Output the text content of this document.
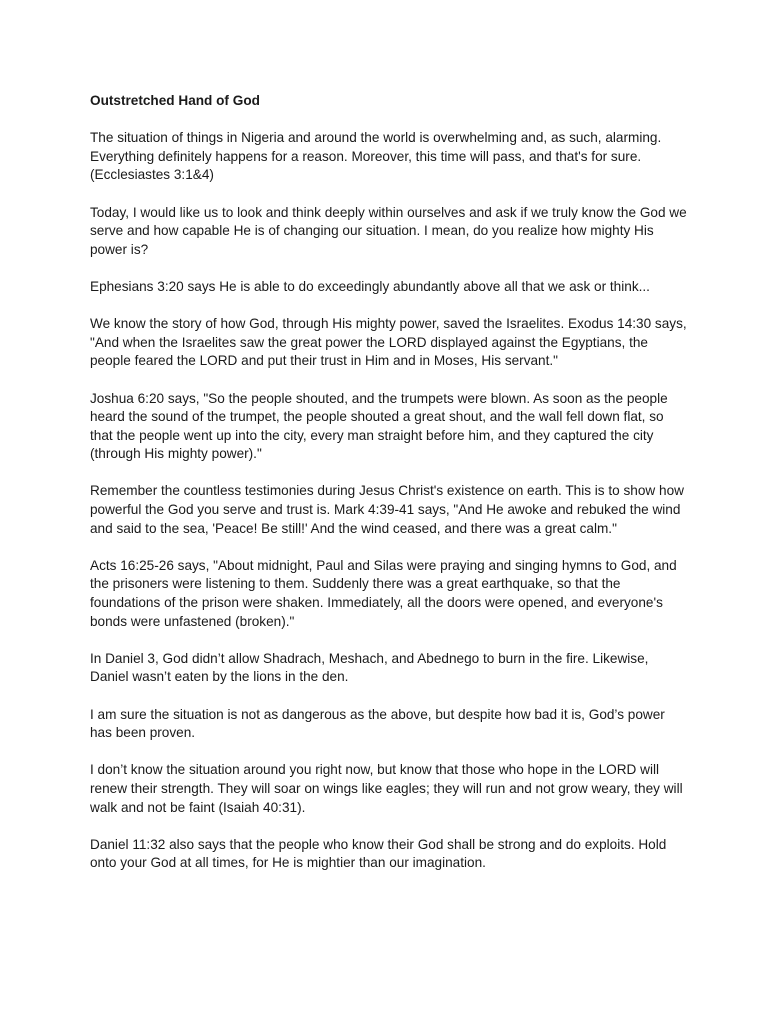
Outstretched Hand of God

The situation of things in Nigeria and around the world is overwhelming and, as such, alarming. Everything definitely happens for a reason. Moreover, this time will pass, and that's for sure. (Ecclesiastes 3:1&4)

Today, I would like us to look and think deeply within ourselves and ask if we truly know the God we serve and how capable He is of changing our situation. I mean, do you realize how mighty His power is?

Ephesians 3:20 says He is able to do exceedingly abundantly above all that we ask or think...

We know the story of how God, through His mighty power, saved the Israelites. Exodus 14:30 says, "And when the Israelites saw the great power the LORD displayed against the Egyptians, the people feared the LORD and put their trust in Him and in Moses, His servant."

Joshua 6:20 says, "So the people shouted, and the trumpets were blown. As soon as the people heard the sound of the trumpet, the people shouted a great shout, and the wall fell down flat, so that the people went up into the city, every man straight before him, and they captured the city (through His mighty power)."

Remember the countless testimonies during Jesus Christ's existence on earth. This is to show how powerful the God you serve and trust is. Mark 4:39-41 says, "And He awoke and rebuked the wind and said to the sea, 'Peace! Be still!' And the wind ceased, and there was a great calm."

Acts 16:25-26 says, "About midnight, Paul and Silas were praying and singing hymns to God, and the prisoners were listening to them. Suddenly there was a great earthquake, so that the foundations of the prison were shaken. Immediately, all the doors were opened, and everyone's bonds were unfastened (broken)."

In Daniel 3, God didn’t allow Shadrach, Meshach, and Abednego to burn in the fire. Likewise, Daniel wasn’t eaten by the lions in the den.

I am sure the situation is not as dangerous as the above, but despite how bad it is, God’s power has been proven.

I don’t know the situation around you right now, but know that those who hope in the LORD will renew their strength. They will soar on wings like eagles; they will run and not grow weary, they will walk and not be faint (Isaiah 40:31).

Daniel 11:32 also says that the people who know their God shall be strong and do exploits. Hold onto your God at all times, for He is mightier than our imagination.
